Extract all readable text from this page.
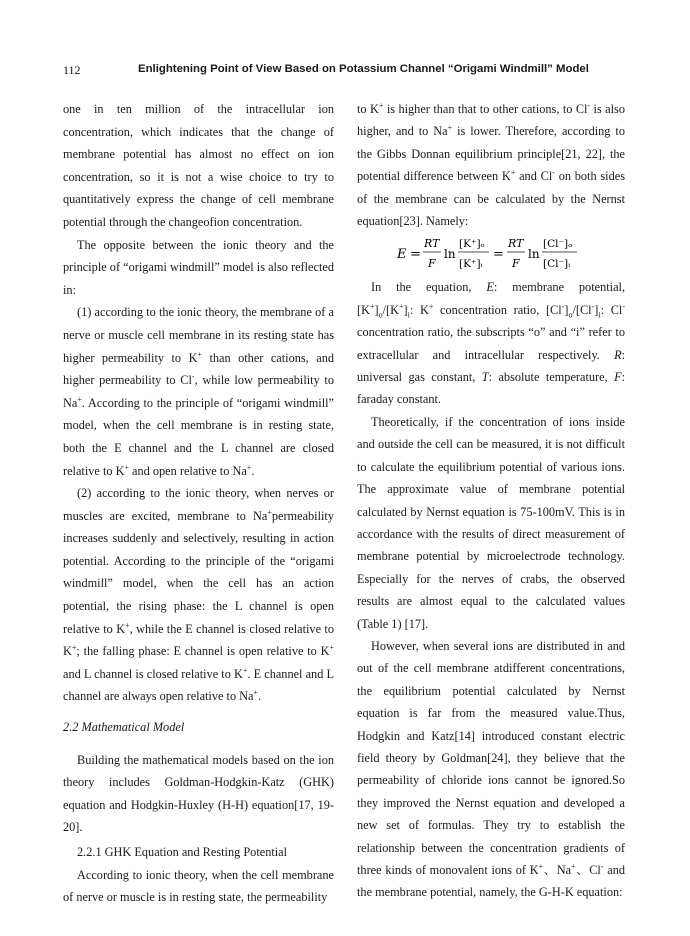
112	Enlightening Point of View Based on Potassium Channel “Origami Windmill” Model

one in ten million of the intracellular ion concentration, which indicates that the change of membrane potential has almost no effect on ion concentration, so it is not a wise choice to try to quantitatively express the change of cell membrane potential through the changeofion concentration.

The opposite between the ionic theory and the principle of “origami windmill” model is also reflected in:

(1) according to the ionic theory, the membrane of a nerve or muscle cell membrane in its resting state has higher permeability to K+ than other cations, and higher permeability to Cl-, while low permeability to Na+. According to the principle of “origami windmill” model, when the cell membrane is in resting state, both the E channel and the L channel are closed relative to K+ and open relative to Na+.

(2) according to the ionic theory, when nerves or muscles are excited, membrane to Na+permeability increases suddenly and selectively, resulting in action potential. According to the principle of the “origami windmill” model, when the cell has an action potential, the rising phase: the L channel is open relative to K+, while the E channel is closed relative to K+; the falling phase: E channel is open relative to K+ and L channel is closed relative to K+. E channel and L channel are always open relative to Na+.

2.2 Mathematical Model

Building the mathematical models based on the ion theory includes Goldman-Hodgkin-Katz (GHK) equation and Hodgkin-Huxley (H-H) equation[17, 19-20].

2.2.1 GHK Equation and Resting Potential

According to ionic theory, when the cell membrane of nerve or muscle is in resting state, the permeability

to K+ is higher than that to other cations, to Cl- is also higher, and to Na+ is lower. Therefore, according to the Gibbs Donnan equilibrium principle[21, 22], the potential difference between K+ and Cl- on both sides of the membrane can be calculated by the Nernst equation[23]. Namely:

E =
RT
F
ln
[K⁺]ₒ
[K⁺]ᵢ
=
RT
F
ln
[Cl⁻]ₒ
[Cl⁻]ᵢ

In the equation, E: membrane potential, $[K^+]_o/[K^+]_i$: K+ concentration ratio, $[Cl^-]_o/[Cl^-]_i$: Cl- concentration ratio, the subscripts “o” and “i” refer to extracellular and intracellular respectively. R: universal gas constant, T: absolute temperature, F: faraday constant.

Theoretically, if the concentration of ions inside and outside the cell can be measured, it is not difficult to calculate the equilibrium potential of various ions. The approximate value of membrane potential calculated by Nernst equation is 75-100mV. This is in accordance with the results of direct measurement of membrane potential by microelectrode technology. Especially for the nerves of crabs, the observed results are almost equal to the calculated values (Table 1) [17].

However, when several ions are distributed in and out of the cell membrane atdifferent concentrations, the equilibrium potential calculated by Nernst equation is far from the measured value.Thus, Hodgkin and Katz[14] introduced constant electric field theory by Goldman[24], they believe that the permeability of chloride ions cannot be ignored.So they improved the Nernst equation and developed a new set of formulas. They try to establish the relationship between the concentration gradients of three kinds of monovalent ions of K+、Na+、Cl- and the membrane potential, namely, the G-H-K equation:
